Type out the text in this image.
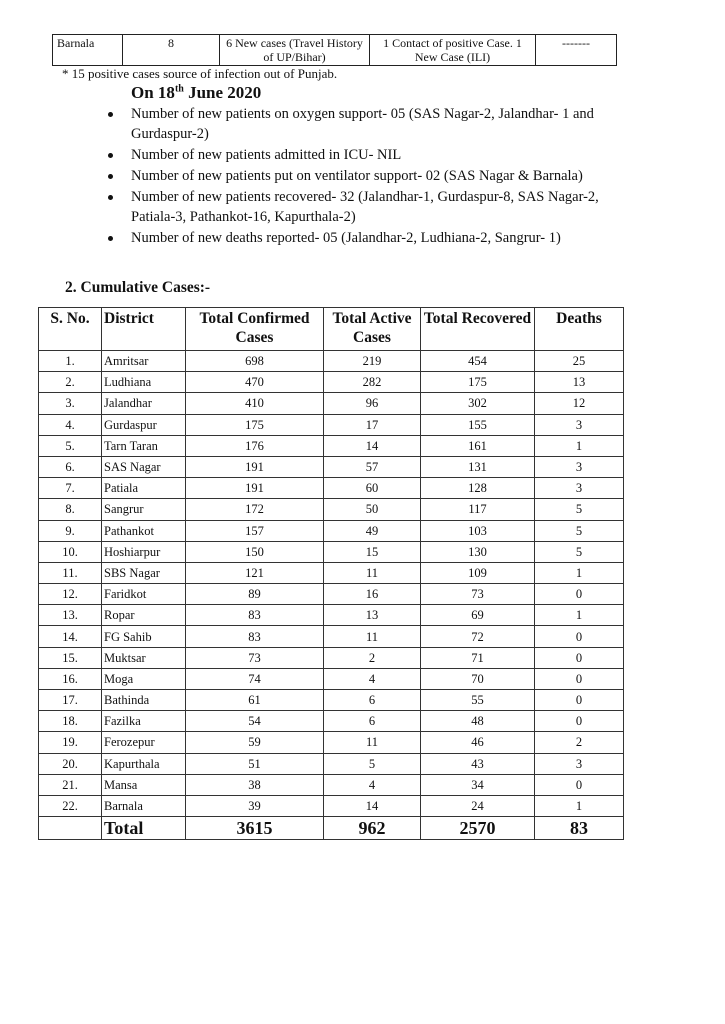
Barnala	8	6 New cases (Travel History of UP/Bihar)	1 Contact of positive Case. 1 New Case (ILI)	-------
* 15 positive cases source of infection out of Punjab.
On 18th June 2020
Number of new patients on oxygen support- 05 (SAS Nagar-2, Jalandhar- 1 and Gurdaspur-2)
Number of new patients admitted in ICU- NIL
Number of new patients put on ventilator support- 02 (SAS Nagar & Barnala)
Number of new patients recovered- 32 (Jalandhar-1, Gurdaspur-8, SAS Nagar-2, Patiala-3, Pathankot-16, Kapurthala-2)
Number of new deaths reported- 05 (Jalandhar-2, Ludhiana-2, Sangrur- 1)
2. Cumulative Cases:-
S. No.	District	Total Confirmed Cases	Total Active Cases	Total Recovered	Deaths
1.	Amritsar	698	219	454	25
2.	Ludhiana	470	282	175	13
3.	Jalandhar	410	96	302	12
4.	Gurdaspur	175	17	155	3
5.	Tarn Taran	176	14	161	1
6.	SAS Nagar	191	57	131	3
7.	Patiala	191	60	128	3
8.	Sangrur	172	50	117	5
9.	Pathankot	157	49	103	5
10.	Hoshiarpur	150	15	130	5
11.	SBS Nagar	121	11	109	1
12.	Faridkot	89	16	73	0
13.	Ropar	83	13	69	1
14.	FG Sahib	83	11	72	0
15.	Muktsar	73	2	71	0
16.	Moga	74	4	70	0
17.	Bathinda	61	6	55	0
18.	Fazilka	54	6	48	0
19.	Ferozepur	59	11	46	2
20.	Kapurthala	51	5	43	3
21.	Mansa	38	4	34	0
22.	Barnala	39	14	24	1
	Total	3615	962	2570	83
